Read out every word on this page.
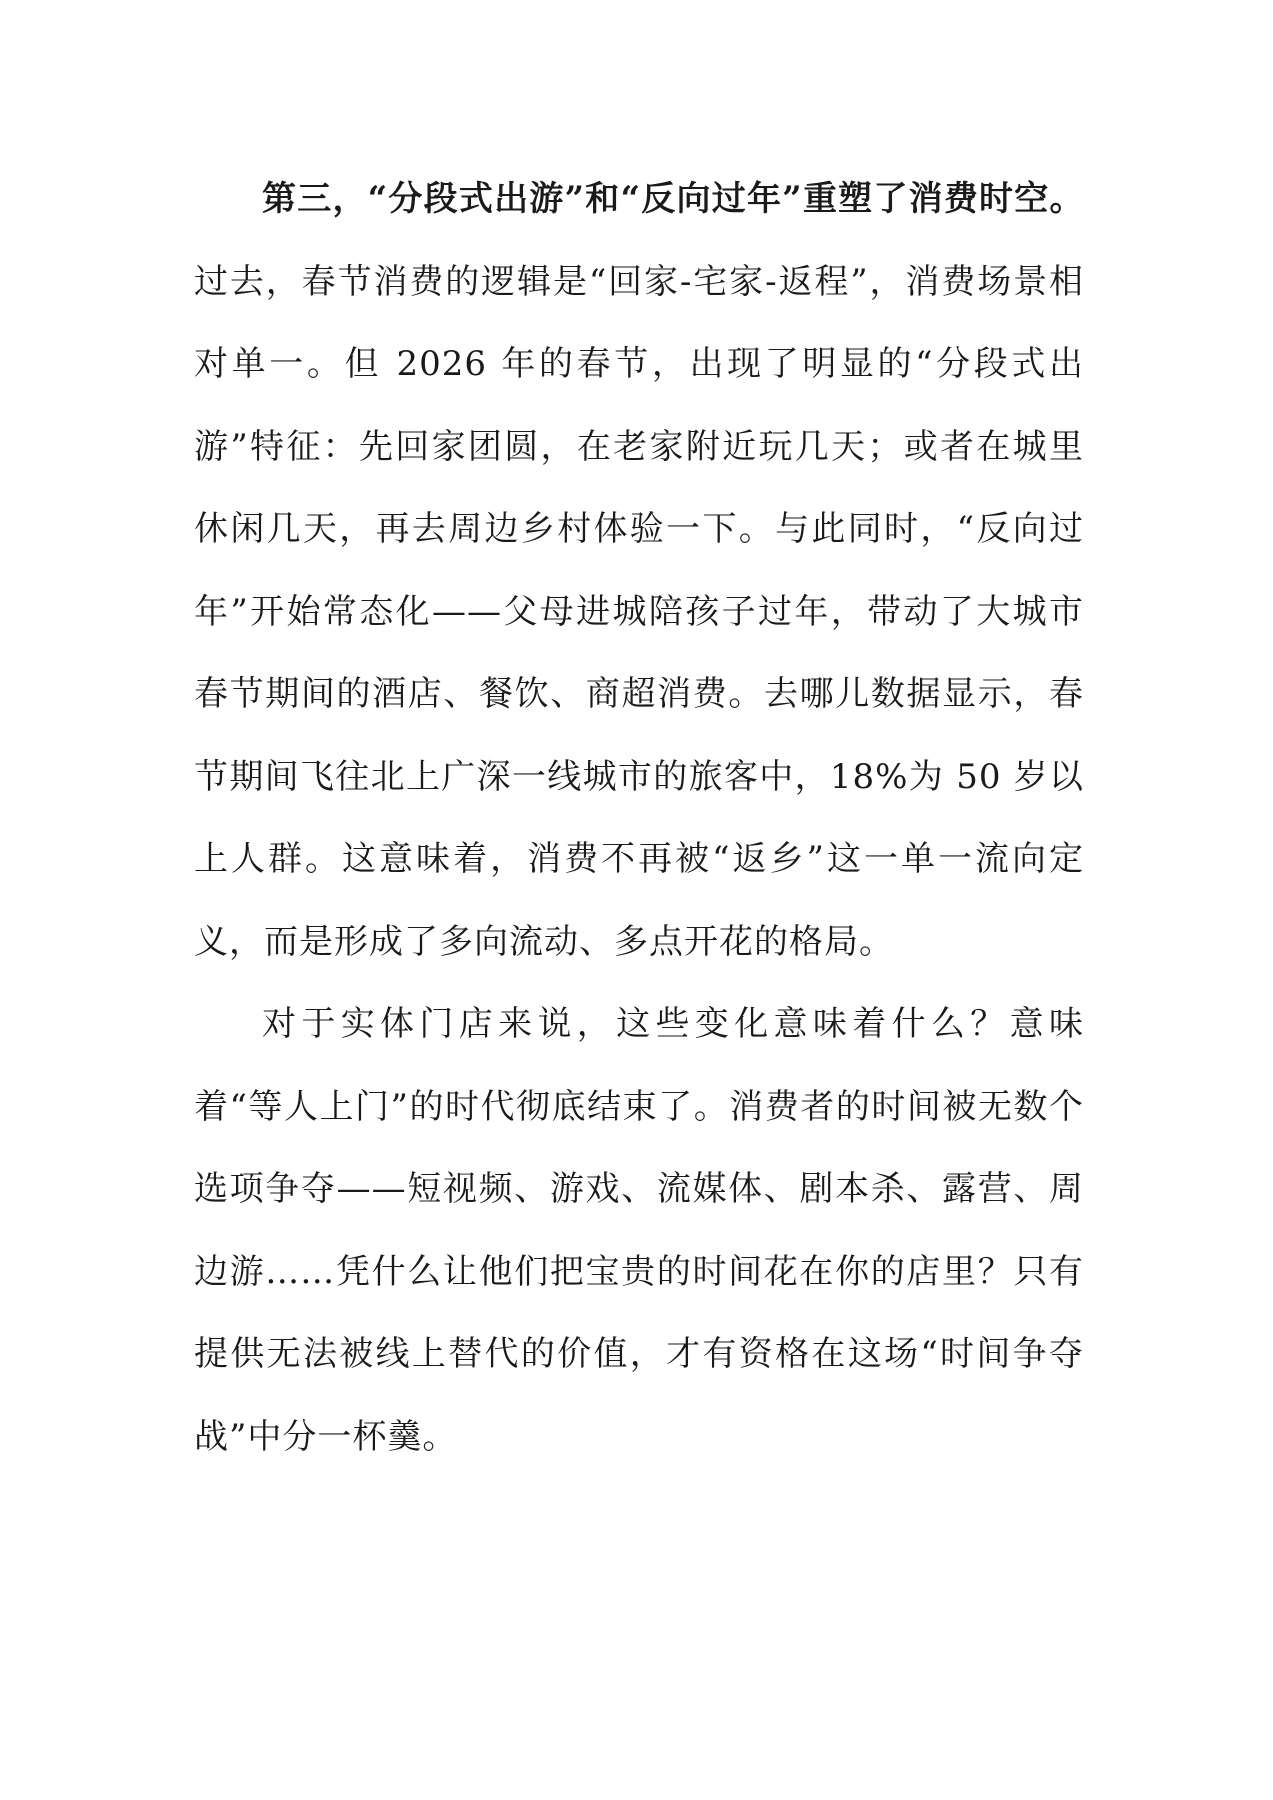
第三，“分段式出游”和“反向过年”重塑了消费时空。过去，春节消费的逻辑是“回家-宅家-返程”，消费场景相对单一。但 2026 年的春节，出现了明显的“分段式出游”特征：先回家团圆，在老家附近玩几天；或者在城里休闲几天，再去周边乡村体验一下。与此同时，“反向过年”开始常态化——父母进城陪孩子过年，带动了大城市春节期间的酒店、餐饮、商超消费。去哪儿数据显示，春节期间飞往北上广深一线城市的旅客中，18%为 50 岁以上人群。这意味着，消费不再被“返乡”这一单一流向定义，而是形成了多向流动、多点开花的格局。

对于实体门店来说，这些变化意味着什么？意味着“等人上门”的时代彻底结束了。消费者的时间被无数个选项争夺——短视频、游戏、流媒体、剧本杀、露营、周边游……凭什么让他们把宝贵的时间花在你的店里？只有提供无法被线上替代的价值，才有资格在这场“时间争夺战”中分一杯羹。
